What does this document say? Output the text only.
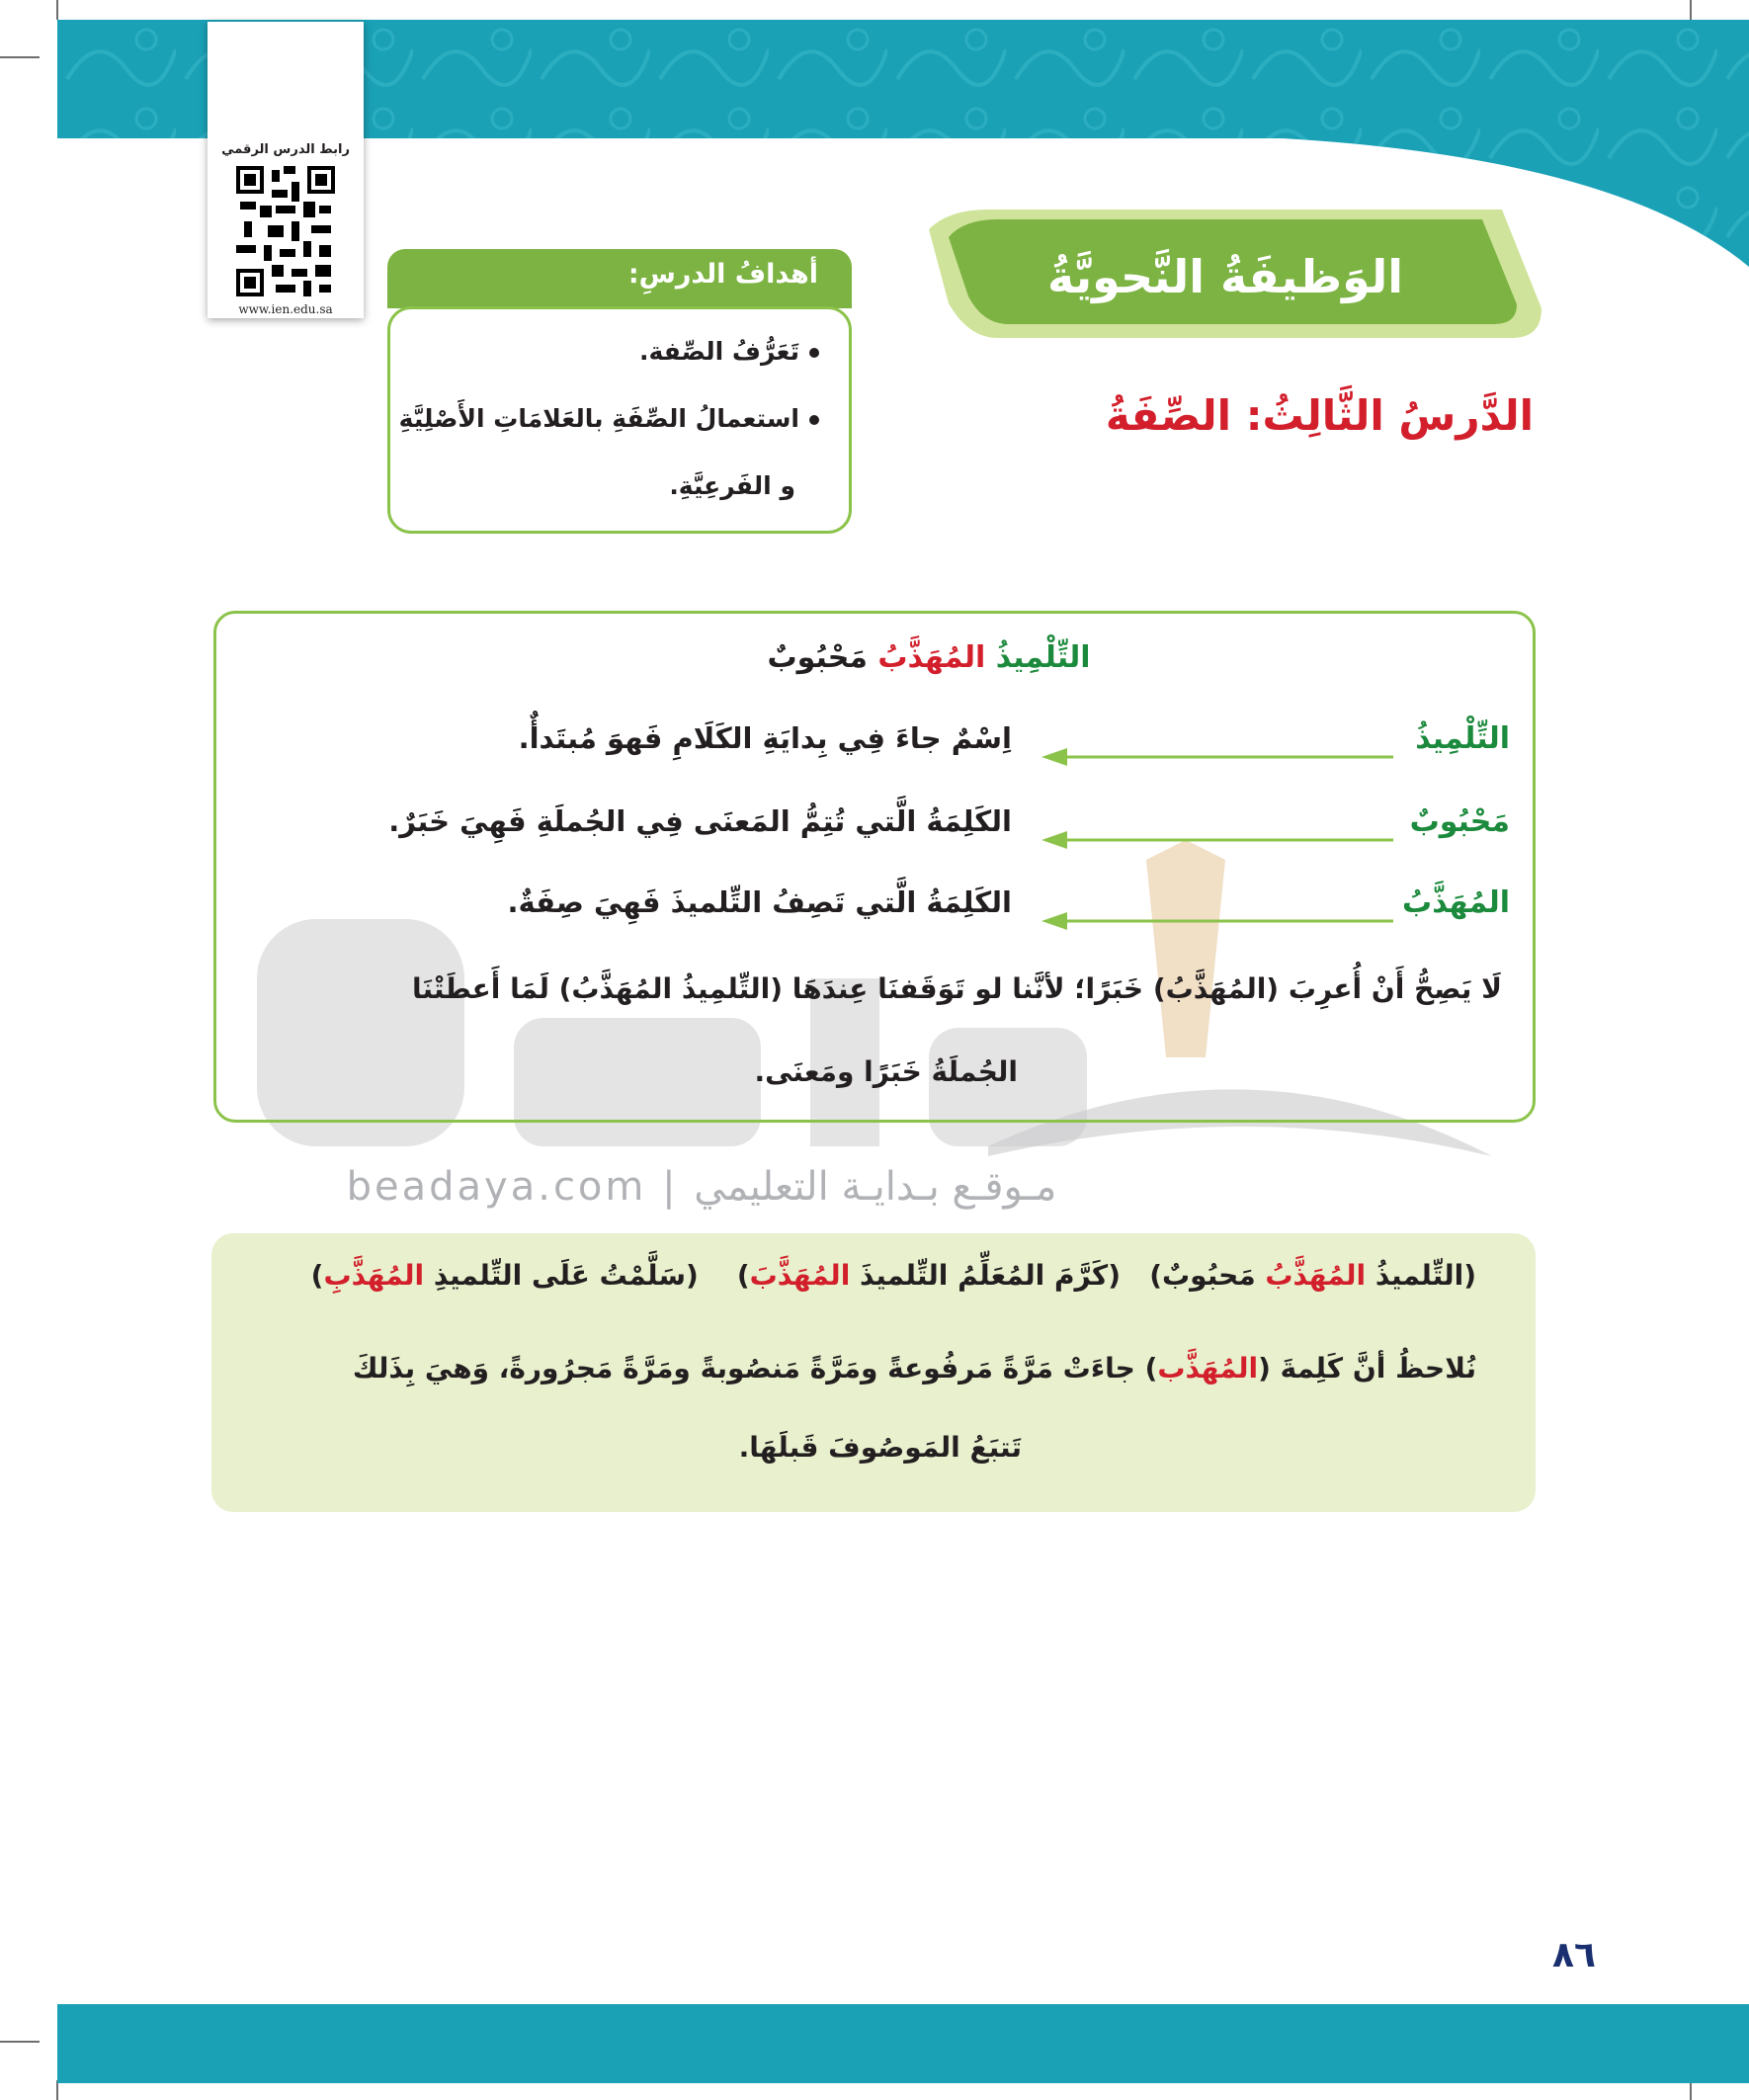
رابط الدرس الرقمي
www.ien.edu.sa
الوَظيفَةُ النَّحويَّةُ
أهدافُ الدرسِ:
تَعَرُّفُ الصِّفة.
استعمالُ الصِّفَةِ بالعَلامَاتِ الأَصْلِيَّةِ
و الفَرعِيَّةِ.
الدَّرسُ الثَّالِثُ: الصِّفَةُ
beadaya.com | مـوقـع بـدايـة التعليمي
التِّلْمِيذُ المُهَذَّبُ مَحْبُوبٌ
التِّلْمِيذُ
اِسْمٌ جاءَ فِي بِدايَةِ الكَلَامِ فَهوَ مُبتَدأٌ.
مَحْبُوبٌ
الكَلِمَةُ الَّتي تُتِمُّ المَعنَى فِي الجُملَةِ فَهِيَ خَبَرٌ.
المُهَذَّبُ
الكَلِمَةُ الَّتي تَصِفُ التِّلميذَ فَهِيَ صِفَةٌ.
لَا يَصِحُّ أَنْ أُعرِبَ (المُهَذَّبُ) خَبَرًا؛ لأنَّنا لو تَوَقَفنَا عِندَهَا (التِّلمِيذُ المُهَذَّبُ) لَمَا أَعطَتْنَا
الجُملَةُ خَبَرًا ومَعنَى.
(التِّلميذُ المُهَذَّبُ مَحبُوبٌ)   (كَرَّمَ المُعَلِّمُ التِّلميذَ المُهَذَّبَ)    (سَلَّمْتُ عَلَى التِّلميذِ المُهَذَّبِ)
نُلاحظُ أنَّ كَلِمةَ (المُهَذَّب) جاءَتْ مَرَّةً مَرفُوعةً ومَرَّةً مَنصُوبةً ومَرَّةً مَجرُورةً، وَهيَ بِذَلكَ
تَتبَعُ المَوصُوفَ قَبلَهَا.
٨٦
